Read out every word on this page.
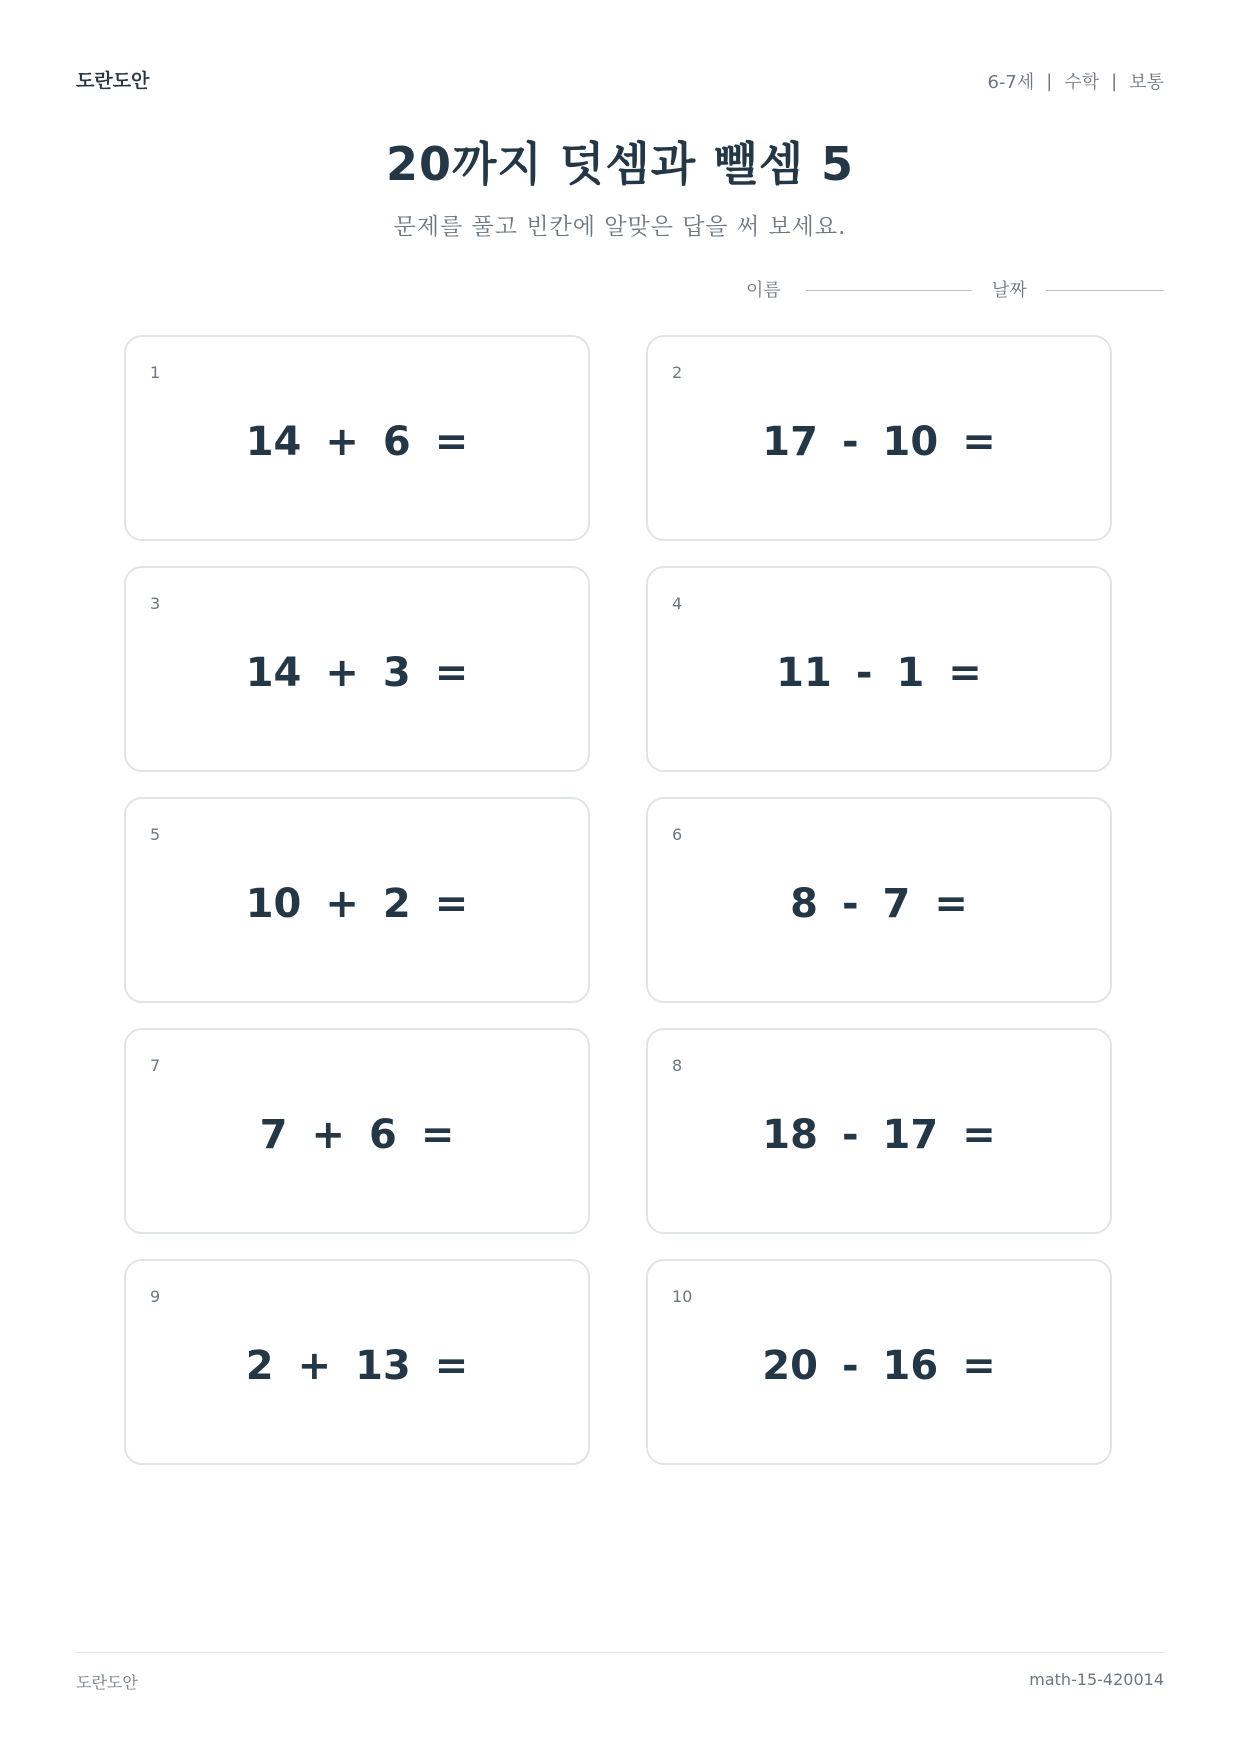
도란도안	6-7세 | 수학 | 보통
20까지 덧셈과 뺄셈 5
문제를 풀고 빈칸에 알맞은 답을 써 보세요.
이름	날짜
1
14 + 6 =
2
17 - 10 =
3
14 + 3 =
4
11 - 1 =
5
10 + 2 =
6
8 - 7 =
7
7 + 6 =
8
18 - 17 =
9
2 + 13 =
10
20 - 16 =
도란도안	math-15-420014
